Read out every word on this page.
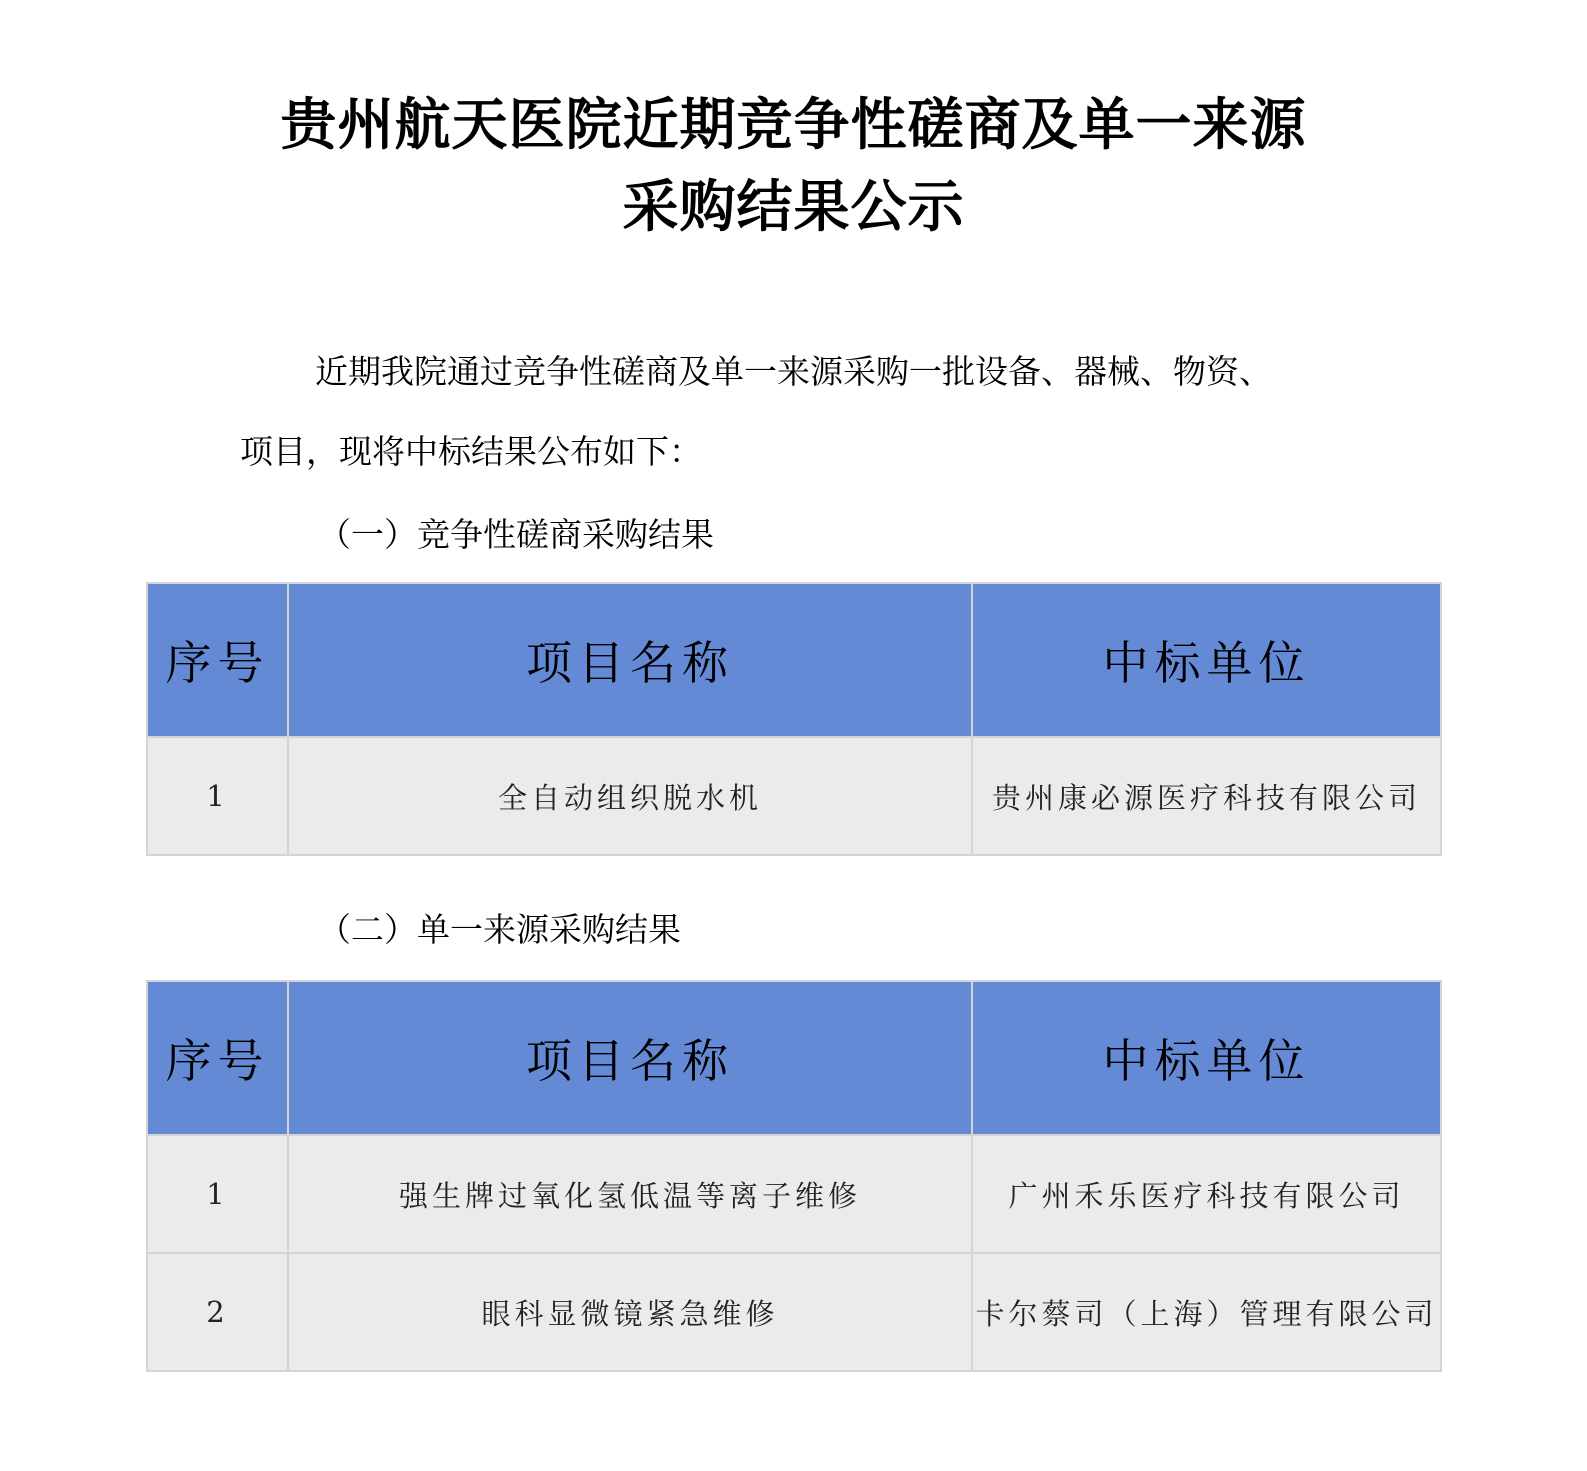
贵州航天医院近期竞争性磋商及单一来源
采购结果公示

近期我院通过竞争性磋商及单一来源采购一批设备、器械、物资、

项目，现将中标结果公布如下：

（一）竞争性磋商采购结果

序号	项目名称	中标单位
1	全自动组织脱水机	贵州康必源医疗科技有限公司

（二）单一来源采购结果

序号	项目名称	中标单位
1	强生牌过氧化氢低温等离子维修	广州禾乐医疗科技有限公司
2	眼科显微镜紧急维修	卡尔蔡司（上海）管理有限公司
